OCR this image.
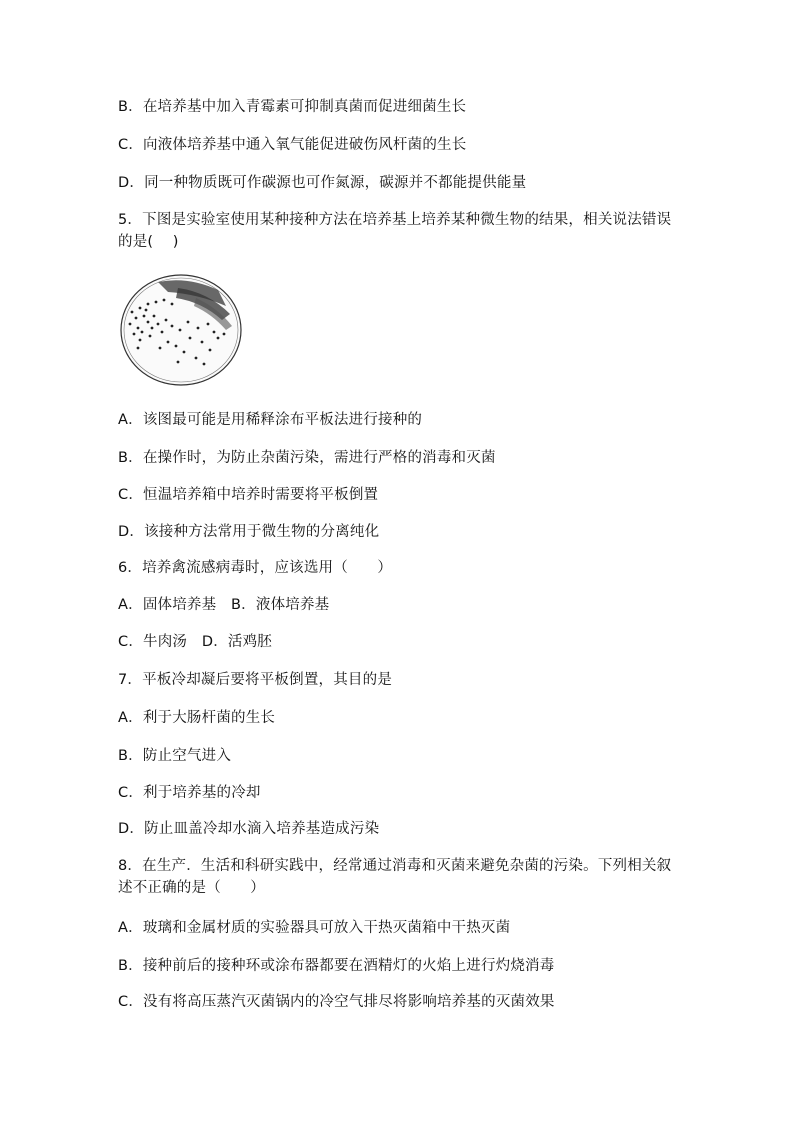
B．在培养基中加入青霉素可抑制真菌而促进细菌生长
C．向液体培养基中通入氧气能促进破伤风杆菌的生长
D．同一种物质既可作碳源也可作氮源，碳源并不都能提供能量
5．下图是实验室使用某种接种方法在培养基上培养某种微生物的结果，相关说法错误的是(　 )
A．该图最可能是用稀释涂布平板法进行接种的
B．在操作时，为防止杂菌污染，需进行严格的消毒和灭菌
C．恒温培养箱中培养时需要将平板倒置
D．该接种方法常用于微生物的分离纯化
6．培养禽流感病毒时，应该选用（　　）
A．固体培养基　B．液体培养基
C．牛肉汤　D．活鸡胚
7．平板冷却凝后要将平板倒置，其目的是
A．利于大肠杆菌的生长
B．防止空气进入
C．利于培养基的冷却
D．防止皿盖冷却水滴入培养基造成污染
8．在生产．生活和科研实践中，经常通过消毒和灭菌来避免杂菌的污染。下列相关叙述不正确的是（　　）
A．玻璃和金属材质的实验器具可放入干热灭菌箱中干热灭菌
B．接种前后的接种环或涂布器都要在酒精灯的火焰上进行灼烧消毒
C．没有将高压蒸汽灭菌锅内的冷空气排尽将影响培养基的灭菌效果
